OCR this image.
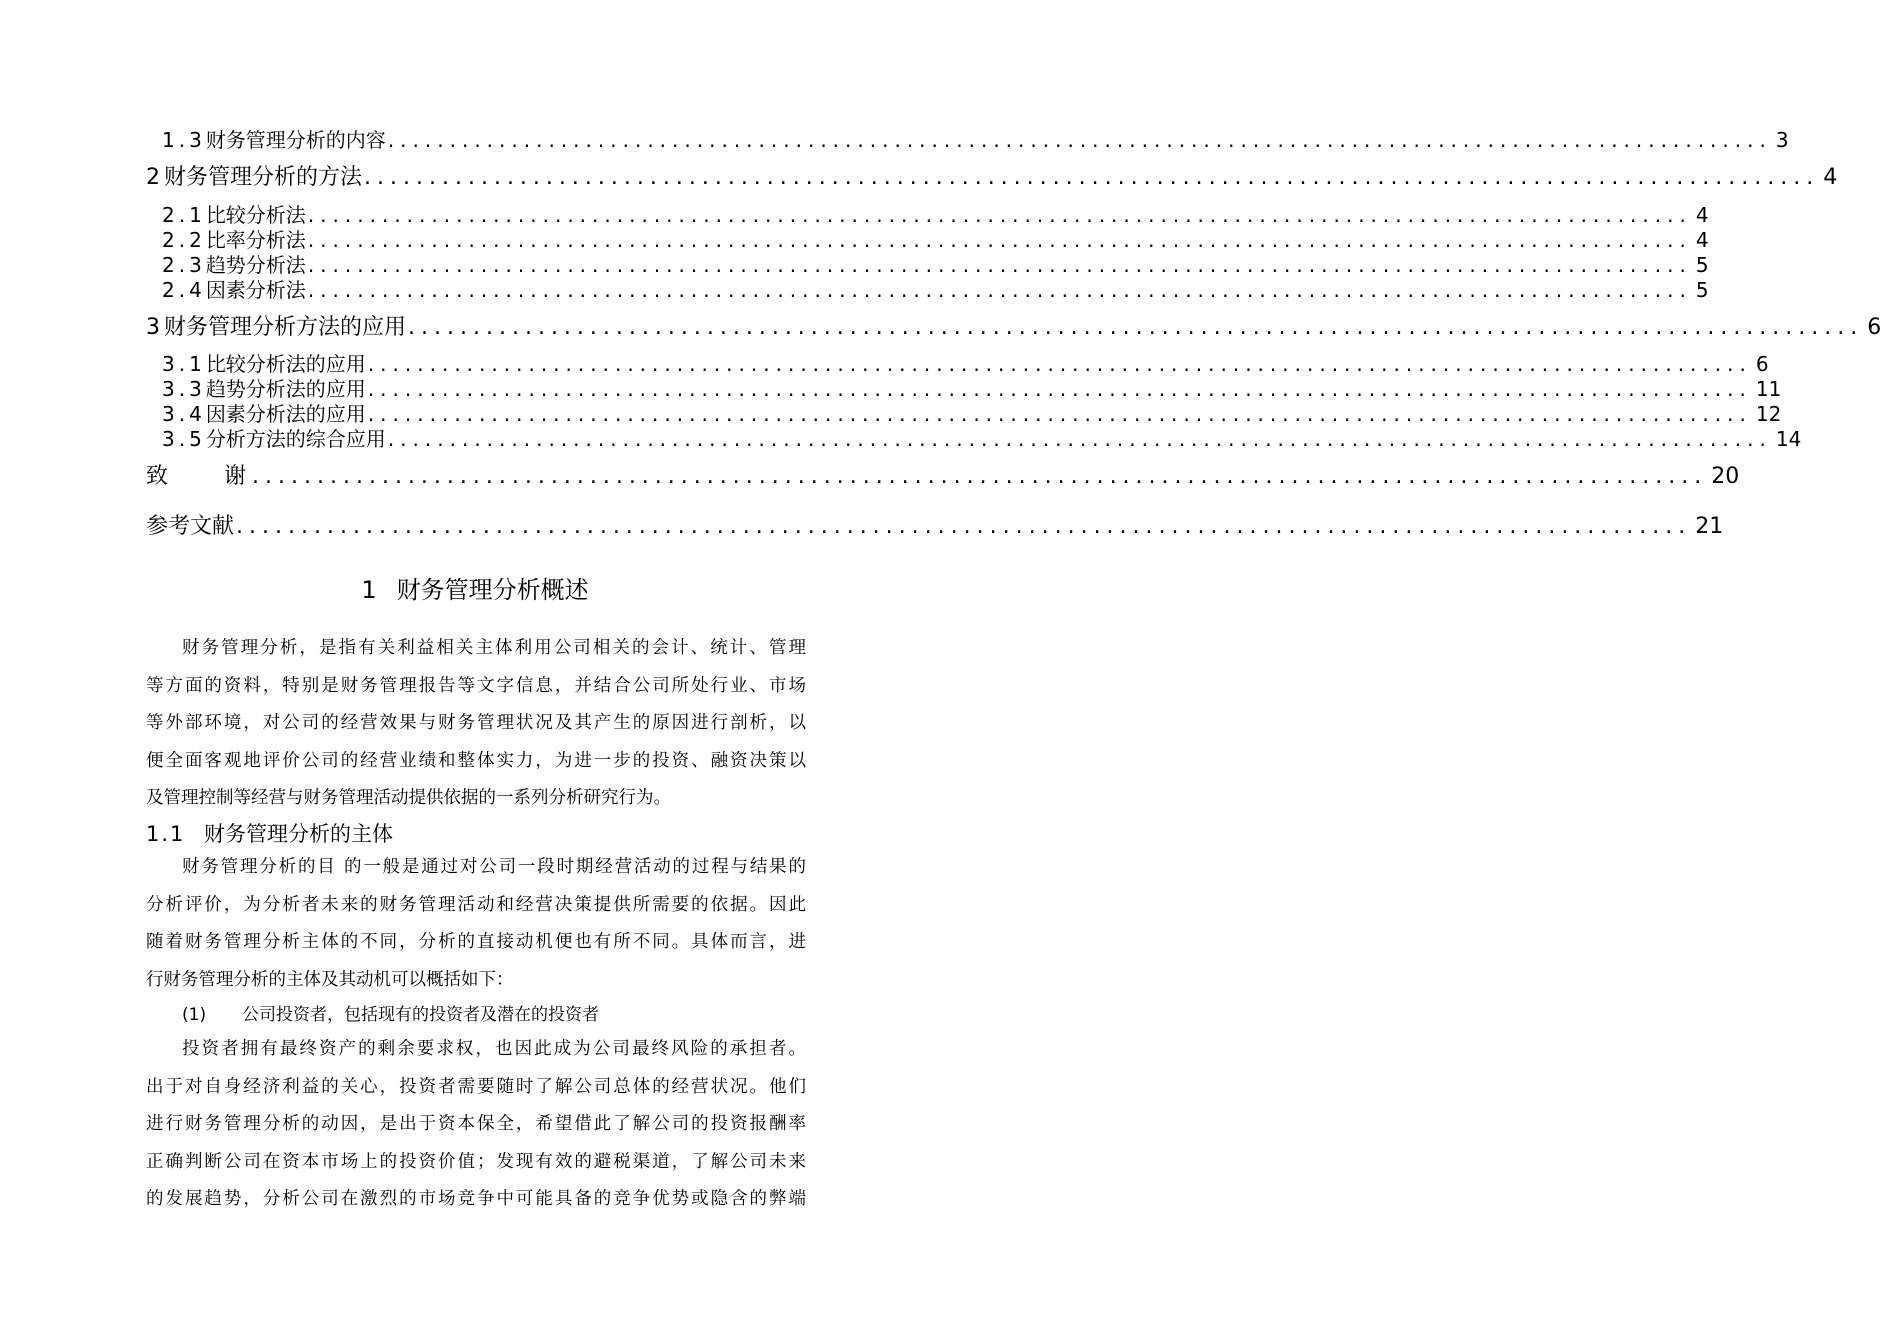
1.3 财务管理分析的内容 ................................................................................................................ 3
2 财务管理分析的方法 ................................................................................................................ 4
2.1 比较分析法 ................................................................................................................ 4
2.2 比率分析法 ................................................................................................................ 4
2.3 趋势分析法 ................................................................................................................ 5
2.4 因素分析法 ................................................................................................................ 5
3 财务管理分析方法的应用 ................................................................................................................ 6
3.1 比较分析法的应用 ................................................................................................................ 6
3.3 趋势分析法的应用 ................................................................................................................ 11
3.4 因素分析法的应用 ................................................................................................................ 12
3.5 分析方法的综合应用 ................................................................................................................ 14
致　　谢 ................................................................................................................ 20
参考文献 ................................................................................................................ 21
1 财务管理分析概述
财务管理分析，是指有关利益相关主体利用公司相关的会计、统计、管理
等方面的资料，特别是财务管理报告等文字信息，并结合公司所处行业、市场
等外部环境，对公司的经营效果与财务管理状况及其产生的原因进行剖析，以
便全面客观地评价公司的经营业绩和整体实力，为进一步的投资、融资决策以
及管理控制等经营与财务管理活动提供依据的一系列分析研究行为。
1.1 财务管理分析的主体
财务管理分析的目 的一般是通过对公司一段时期经营活动的过程与结果的
分析评价，为分析者未来的财务管理活动和经营决策提供所需要的依据。因此
随着财务管理分析主体的不同，分析的直接动机便也有所不同。具体而言，进
行财务管理分析的主体及其动机可以概括如下：
(1) 公司投资者，包括现有的投资者及潜在的投资者
投资者拥有最终资产的剩余要求权，也因此成为公司最终风险的承担者。
出于对自身经济利益的关心，投资者需要随时了解公司总体的经营状况。他们
进行财务管理分析的动因，是出于资本保全，希望借此了解公司的投资报酬率
正确判断公司在资本市场上的投资价值；发现有效的避税渠道，了解公司未来
的发展趋势，分析公司在激烈的市场竞争中可能具备的竞争优势或隐含的弊端
